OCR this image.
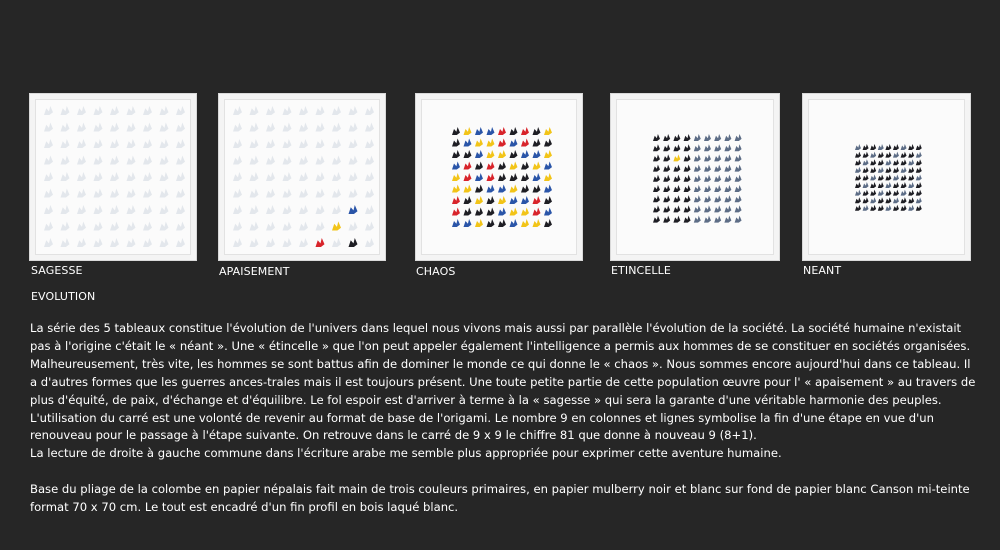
SAGESSE	APAISEMENT	CHAOS	ETINCELLE	NEANT
EVOLUTION

La série des 5 tableaux constitue l'évolution de l'univers dans lequel nous vivons mais aussi par parallèle l'évolution de la société. La société humaine n'existait pas à l'origine c'était le « néant ». Une « étincelle » que l'on peut appeler également l'intelligence a permis aux hommes de se constituer en sociétés organisées. Malheureusement, très vite, les hommes se sont battus afin de dominer le monde ce qui donne le « chaos ». Nous sommes encore aujourd'hui dans ce tableau. Il a d'autres formes que les guerres ances-trales mais il est toujours présent. Une toute petite partie de cette population œuvre pour l' « apaisement » au travers de plus d'équité, de paix, d'échange et d'équilibre. Le fol espoir est d'arriver à terme à la « sagesse » qui sera la garante d'une véritable harmonie des peuples.

L'utilisation du carré est une volonté de revenir au format de base de l'origami. Le nombre 9 en colonnes et lignes symbolise la fin d'une étape en vue d'un renouveau pour le passage à l'étape suivante. On retrouve dans le carré de 9 x 9 le chiffre 81 que donne à nouveau 9 (8+1).

La lecture de droite à gauche commune dans l'écriture arabe me semble plus appropriée pour exprimer cette aventure humaine.

Base du pliage de la colombe en papier népalais fait main de trois couleurs primaires, en papier mulberry noir et blanc sur fond de papier blanc Canson mi-teinte format 70 x 70 cm. Le tout est encadré d'un fin profil en bois laqué blanc.
